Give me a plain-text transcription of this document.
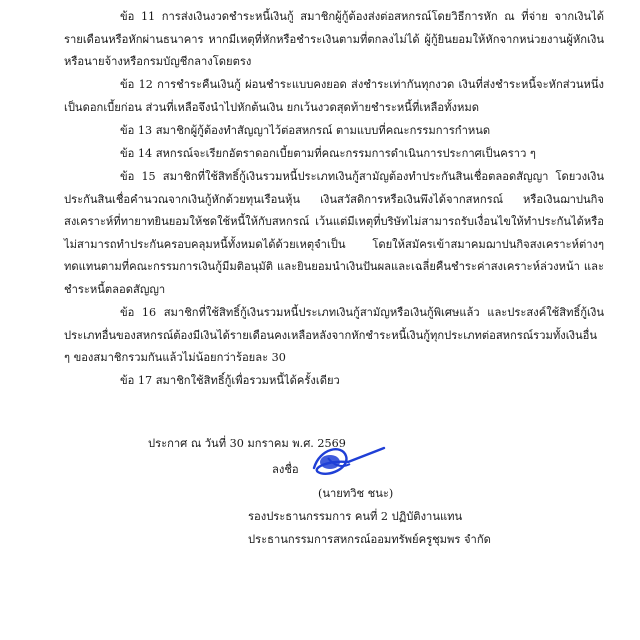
ข้อ 11 การส่งเงินงวดชำระหนี้เงินกู้ สมาชิกผู้กู้ต้องส่งต่อสหกรณ์โดยวิธีการหัก ณ ที่จ่าย จากเงินได้รายเดือนหรือหักผ่านธนาคาร หากมีเหตุที่หักหรือชำระเงินตามที่ตกลงไม่ได้ ผู้กู้ยินยอมให้หักจากหน่วยงานผู้หักเงินหรือนายจ้างหรือกรมบัญชีกลางโดยตรง
ข้อ 12 การชำระคืนเงินกู้ ผ่อนชำระแบบคงยอด ส่งชำระเท่ากันทุกงวด เงินที่ส่งชำระหนี้จะหักส่วนหนึ่งเป็นดอกเบี้ยก่อน ส่วนที่เหลือจึงนำไปหักต้นเงิน ยกเว้นงวดสุดท้ายชำระหนี้ที่เหลือทั้งหมด
ข้อ 13 สมาชิกผู้กู้ต้องทำสัญญาไว้ต่อสหกรณ์ ตามแบบที่คณะกรรมการกำหนด
ข้อ 14 สหกรณ์จะเรียกอัตราดอกเบี้ยตามที่คณะกรรมการดำเนินการประกาศเป็นคราว ๆ
ข้อ 15 สมาชิกที่ใช้สิทธิ์กู้เงินรวมหนี้ประเภทเงินกู้สามัญต้องทำประกันสินเชื่อตลอดสัญญา โดยวงเงินประกันสินเชื่อคำนวณจากเงินกู้หักด้วยทุนเรือนหุ้น เงินสวัสดิการหรือเงินพึงได้จากสหกรณ์ หรือเงินฌาปนกิจสงเคราะห์ที่ทายาทยินยอมให้ชดใช้หนี้ให้กับสหกรณ์ เว้นแต่มีเหตุที่บริษัทไม่สามารถรับเงื่อนไขให้ทำประกันได้หรือไม่สามารถทำประกันครอบคลุมหนี้ทั้งหมดได้ด้วยเหตุจำเป็น โดยให้สมัครเข้าสมาคมฌาปนกิจสงเคราะห์ต่างๆทดแทนตามที่คณะกรรมการเงินกู้มีมติอนุมัติ และยินยอมนำเงินปันผลและเฉลี่ยคืนชำระค่าสงเคราะห์ล่วงหน้า และชำระหนี้ตลอดสัญญา
ข้อ 16 สมาชิกที่ใช้สิทธิ์กู้เงินรวมหนี้ประเภทเงินกู้สามัญหรือเงินกู้พิเศษแล้ว และประสงค์ใช้สิทธิ์กู้เงินประเภทอื่นของสหกรณ์ต้องมีเงินได้รายเดือนคงเหลือหลังจากหักชำระหนี้เงินกู้ทุกประเภทต่อสหกรณ์รวมทั้งเงินอื่น ๆ ของสมาชิกรวมกันแล้วไม่น้อยกว่าร้อยละ 30
ข้อ 17 สมาชิกใช้สิทธิ์กู้เพื่อรวมหนี้ได้ครั้งเดียว
ประกาศ ณ วันที่ 30 มกราคม พ.ศ. 2569
ลงชื่อ
(นายทวิช ชนะ)
รองประธานกรรมการ คนที่ 2 ปฏิบัติงานแทน
ประธานกรรมการสหกรณ์ออมทรัพย์ครูชุมพร จำกัด
